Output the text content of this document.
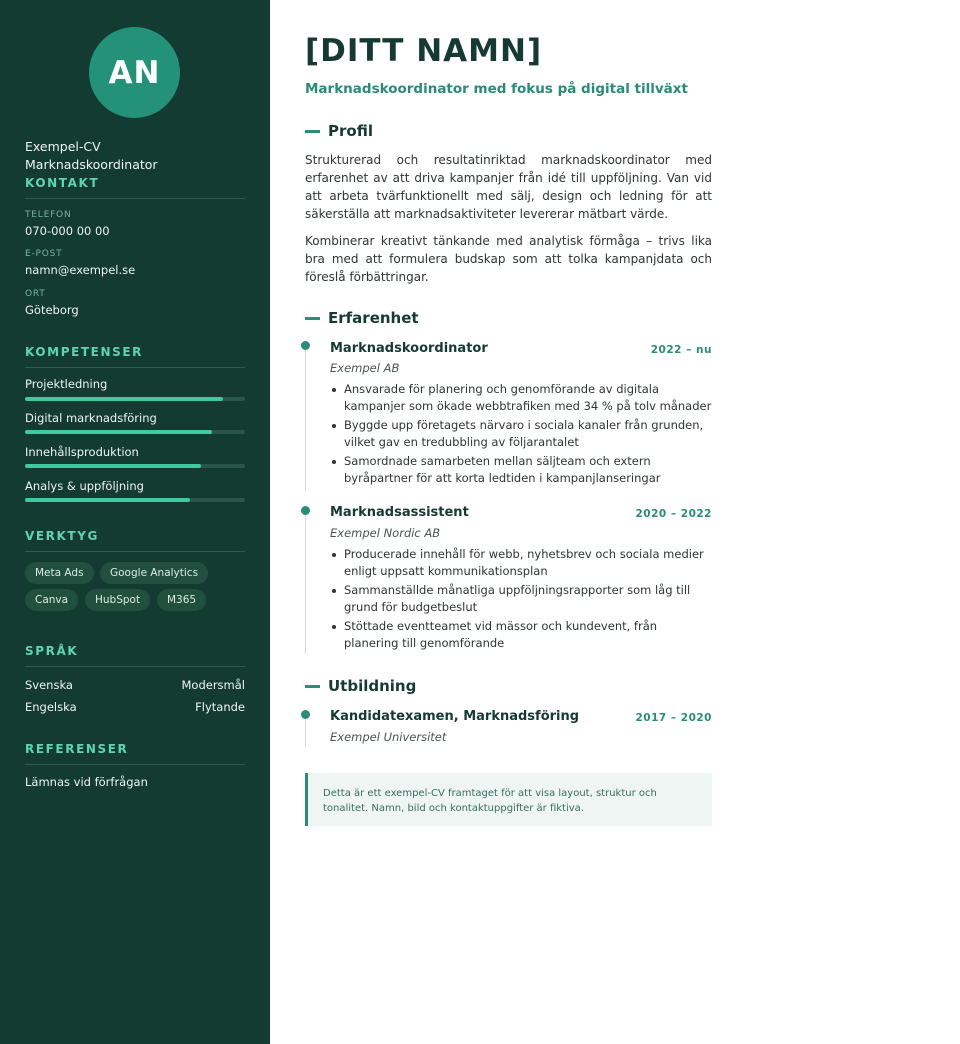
AN
Exempel-CV
Marknadskoordinator
KONTAKT
TELEFON
070-000 00 00
E-POST
namn@exempel.se
ORT
Göteborg
KOMPETENSER
Projektledning
Digital marknadsföring
Innehållsproduktion
Analys & uppföljning
VERKTYG
Meta Ads	Google Analytics
Canva	HubSpot	M365
SPRÅK
Svenska	Modersmål
Engelska	Flytande
REFERENSER
Lämnas vid förfrågan
[DITT NAMN]
Marknadskoordinator med fokus på digital tillväxt
Profil

Strukturerad och resultatinriktad marknadskoordinator med erfarenhet av att driva kampanjer från idé till uppföljning. Van vid att arbeta tvärfunktionellt med sälj, design och ledning för att säkerställa att marknadsaktiviteter levererar mätbart värde.

Kombinerar kreativt tänkande med analytisk förmåga – trivs lika bra med att formulera budskap som att tolka kampanjdata och föreslå förbättringar.

Erfarenhet
Marknadskoordinator	2022 – nu
Exempel AB
Ansvarade för planering och genomförande av digitala kampanjer som ökade webbtrafiken med 34 % på tolv månader
Byggde upp företagets närvaro i sociala kanaler från grunden, vilket gav en tredubbling av följarantalet
Samordnade samarbeten mellan säljteam och extern byråpartner för att korta ledtiden i kampanjlanseringar
Marknadsassistent	2020 – 2022
Exempel Nordic AB
Producerade innehåll för webb, nyhetsbrev och sociala medier enligt uppsatt kommunikationsplan
Sammanställde månatliga uppföljningsrapporter som låg till grund för budgetbeslut
Stöttade eventteamet vid mässor och kundevent, från planering till genomförande
Utbildning
Kandidatexamen, Marknadsföring	2017 – 2020
Exempel Universitet
Detta är ett exempel-CV framtaget för att visa layout, struktur och tonalitet. Namn, bild och kontaktuppgifter är fiktiva.
